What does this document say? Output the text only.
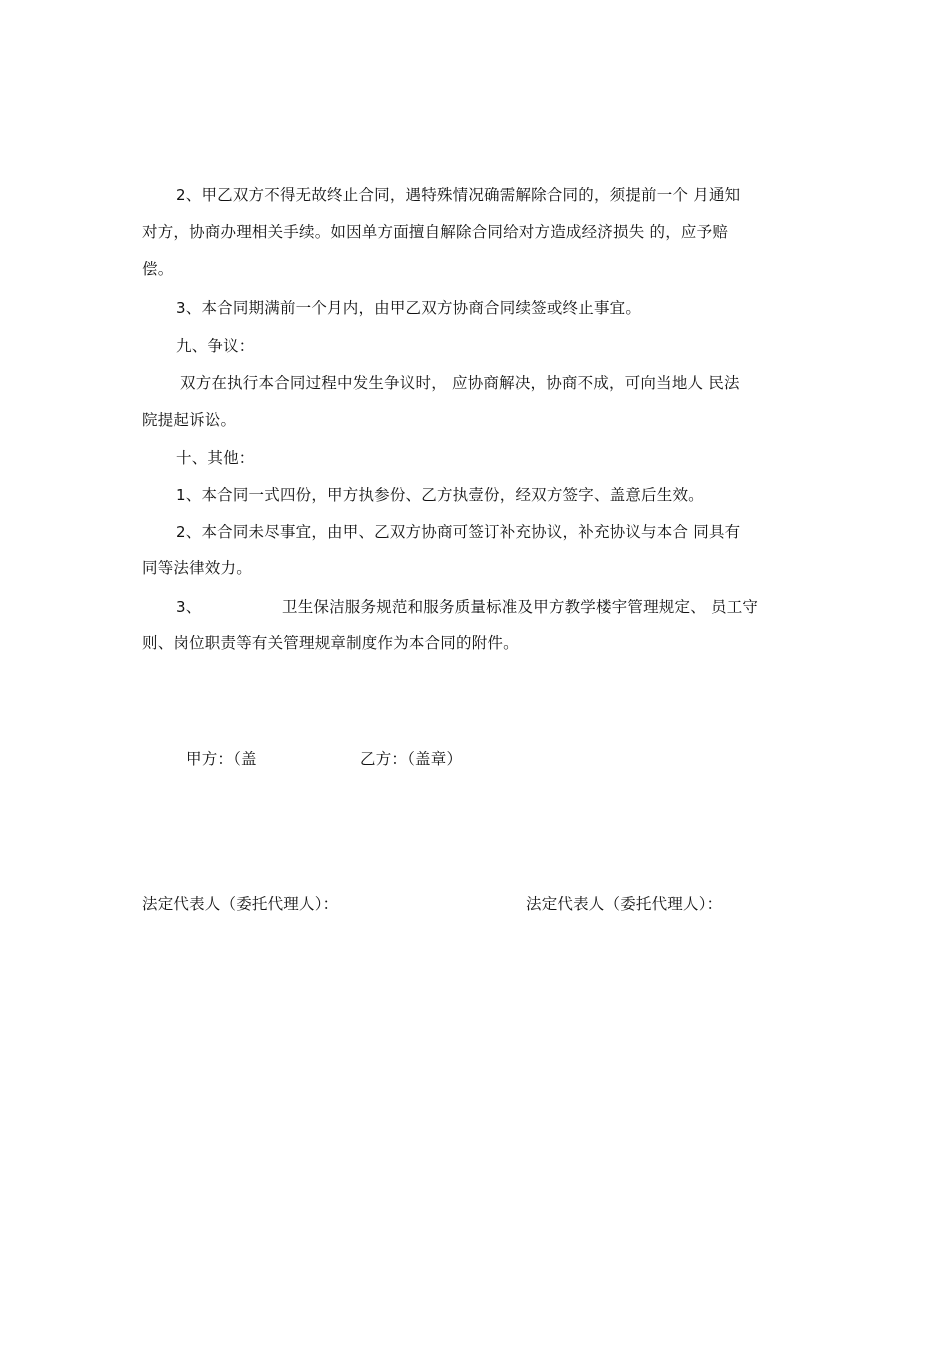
2、甲乙双方不得无故终止合同，遇特殊情况确需解除合同的，须提前一个 月通知
对方，协商办理相关手续。如因单方面擅自解除合同给对方造成经济损失 的，应予赔
偿。
3、本合同期满前一个月内，由甲乙双方协商合同续签或终止事宜。
九、争议：
双方在执行本合同过程中发生争议时， 应协商解决，协商不成，可向当地人 民法
院提起诉讼。
十、其他：
1、本合同一式四份，甲方执参份、乙方执壹份，经双方签字、盖意后生效。
2、本合同未尽事宜，由甲、乙双方协商可签订补充协议，补充协议与本合 同具有
同等法律效力。
3、	卫生保洁服务规范和服务质量标准及甲方教学楼宇管理规定、 员工守
则、岗位职责等有关管理规章制度作为本合同的附件。
甲方：（盖	乙方：（盖章）
法定代表人（委托代理人）：	法定代表人（委托代理人）：
